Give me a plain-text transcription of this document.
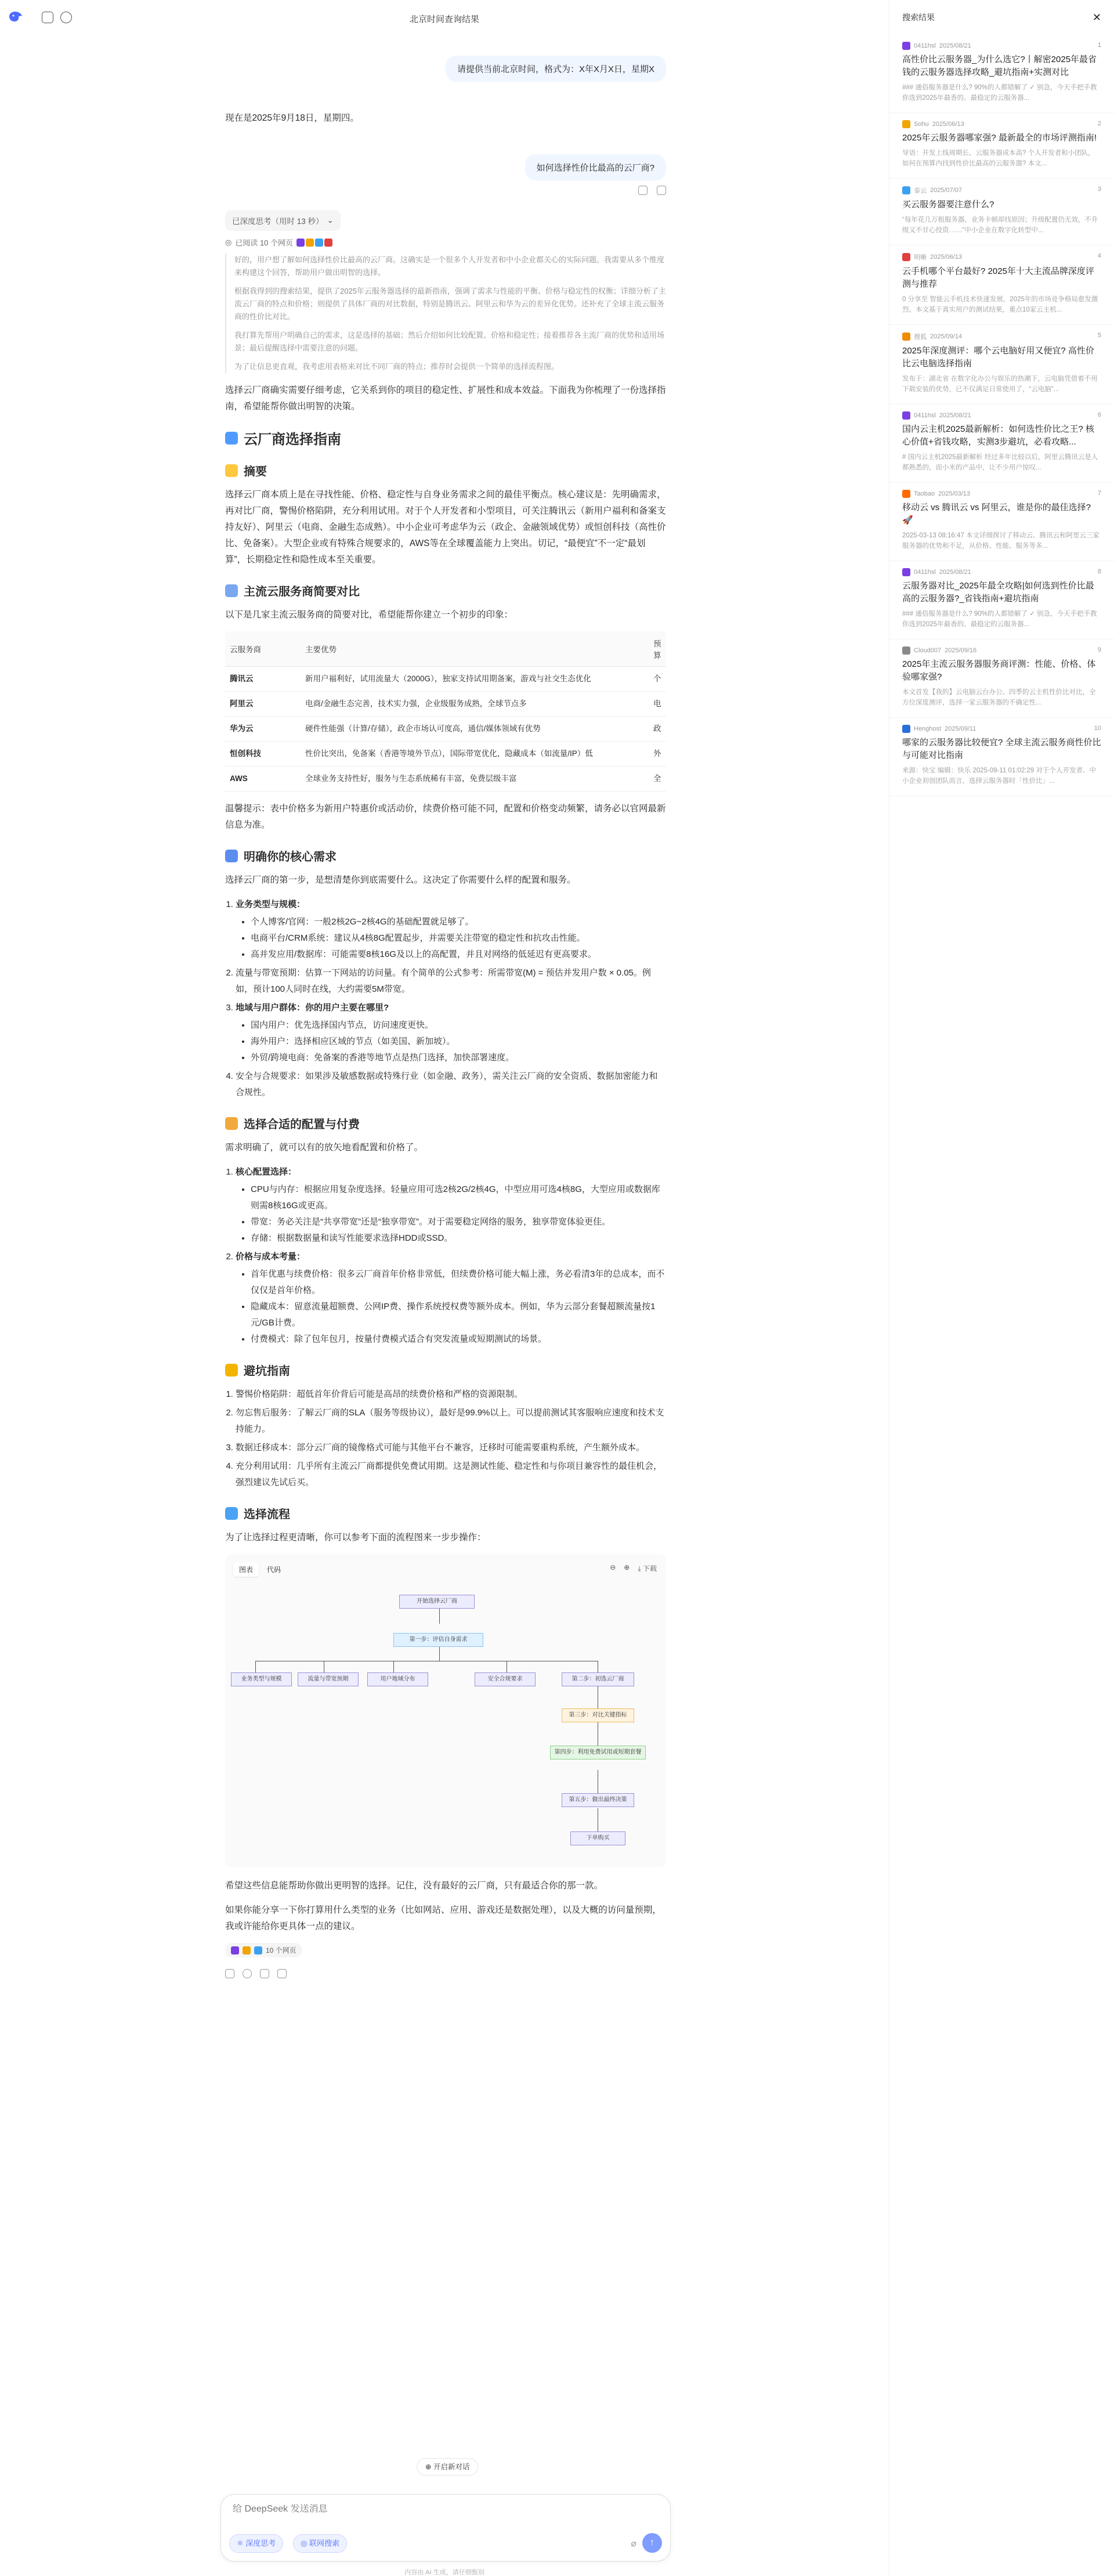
北京时间查询结果
请提供当前北京时间，格式为：X年X月X日，星期X
现在是2025年9月18日，星期四。
如何选择性价比最高的云厂商?
已深度思考（用时 13 秒） ⌄
◎ 已阅读 10 个网页

好的，用户想了解如何选择性价比最高的云厂商。这确实是一个很多个人开发者和中小企业都关心的实际问题。我需要从多个维度来构建这个回答，帮助用户做出明智的选择。

根据我得到的搜索结果，提供了2025年云服务器选择的最新指南，强调了需求与性能的平衡、价格与稳定性的权衡；详细分析了主流云厂商的特点和价格；则提供了具体厂商的对比数据，特别是腾讯云、阿里云和华为云的差异化优势。还补充了全球主流云服务商的性价比对比。

我打算先帮用户明确自己的需求，这是选择的基础；然后介绍如何比较配置、价格和稳定性；接着推荐各主流厂商的优势和适用场景；最后提醒选择中需要注意的问题。

为了让信息更直观，我考虑用表格来对比不同厂商的特点；推荐时会提供一个简单的选择流程图。

选择云厂商确实需要仔细考虑，它关系到你的项目的稳定性、扩展性和成本效益。下面我为你梳理了一份选择指南，希望能帮你做出明智的决策。
云厂商选择指南
摘要
选择云厂商本质上是在寻找性能、价格、稳定性与自身业务需求之间的最佳平衡点。核心建议是：先明确需求，再对比厂商，警惕价格陷阱，充分利用试用。对于个人开发者和小型项目，可关注腾讯云（新用户福利和备案支持友好）、阿里云（电商、金融生态成熟）。中小企业可考虑华为云（政企、金融领域优势）或恒创科技（高性价比、免备案）。大型企业或有特殊合规要求的，AWS等在全球覆盖能力上突出。切记，“最便宜”不一定“最划算”，长期稳定性和隐性成本至关重要。
主流云服务商简要对比
以下是几家主流云服务商的简要对比，希望能帮你建立一个初步的印象：
云服务商	主要优势	预算
腾讯云	新用户福利好，试用流量大（2000G），独家支持试用期备案，游戏与社交生态优化	个
阿里云	电商/金融生态完善，技术实力强，企业级服务成熟，全球节点多	电
华为云	硬件性能强（计算/存储），政企市场认可度高，通信/媒体领域有优势	政
恒创科技	性价比突出，免备案（香港等境外节点），国际带宽优化，隐藏成本（如流量/IP）低	外
AWS	全球业务支持性好，服务与生态系统稀有丰富，免费层级丰富	全
温馨提示：表中价格多为新用户特惠价或活动价，续费价格可能不同，配置和价格变动频繁，请务必以官网最新信息为准。
明确你的核心需求
选择云厂商的第一步，是想清楚你到底需要什么。这决定了你需要什么样的配置和服务。
1. 业务类型与规模：
• 个人博客/官网：一般2核2G~2核4G的基础配置就足够了。
• 电商平台/CRM系统：建议从4核8G配置起步，并需要关注带宽的稳定性和抗攻击性能。
• 高并发应用/数据库：可能需要8核16G及以上的高配置，并且对网络的低延迟有更高要求。
2. 流量与带宽预期：估算一下网站的访问量。有个简单的公式参考：所需带宽(M) = 预估并发用户数 × 0.05。例如，预计100人同时在线，大约需要5M带宽。
3. 地域与用户群体：你的用户主要在哪里?
• 国内用户：优先选择国内节点，访问速度更快。
• 海外用户：选择相应区域的节点（如美国、新加坡）。
• 外贸/跨境电商：免备案的香港等地节点是热门选择，加快部署速度。
4. 安全与合规要求：如果涉及敏感数据或特殊行业（如金融、政务），需关注云厂商的安全资质、数据加密能力和合规性。
选择合适的配置与付费
需求明确了，就可以有的放矢地看配置和价格了。
1. 核心配置选择：
• CPU与内存：根据应用复杂度选择。轻量应用可选2核2G/2核4G，中型应用可选4核8G，大型应用或数据库则需8核16G或更高。
• 带宽：务必关注是“共享带宽”还是“独享带宽”。对于需要稳定网络的服务，独享带宽体验更佳。
• 存储：根据数据量和读写性能要求选择HDD或SSD。
2. 价格与成本考量：
• 首年优惠与续费价格：很多云厂商首年价格非常低，但续费价格可能大幅上涨，务必看清3年的总成本，而不仅仅是首年价格。
• 隐藏成本：留意流量超额费、公网IP费、操作系统授权费等额外成本。例如，华为云部分套餐超额流量按1元/GB计费。
• 付费模式：除了包年包月，按量付费模式适合有突发流量或短期测试的场景。
避坑指南
1. 警惕价格陷阱：超低首年价背后可能是高昂的续费价格和严格的资源限制。
2. 勿忘售后服务：了解云厂商的SLA（服务等级协议），最好是99.9%以上。可以提前测试其客服响应速度和技术支持能力。
3. 数据迁移成本：部分云厂商的镜像格式可能与其他平台不兼容，迁移时可能需要重构系统，产生额外成本。
4. 充分利用试用：几乎所有主流云厂商都提供免费试用期。这是测试性能、稳定性和与你项目兼容性的最佳机会，强烈建议先试后买。
选择流程
为了让选择过程更清晰，你可以参考下面的流程图来一步步操作：
图表	代码	⊖ ⊕ ⤓ 下载
开始选择云厂商
第一步：评估自身需求
业务类型与规模	流量与带宽预期	用户地域分布	安全合规要求	第二步：初选云厂商
第三步：对比关键指标
第四步：利用免费试用或短期套餐
第五步：做出最终决策
下单购买
希望这些信息能帮助你做出更明智的选择。记住，没有最好的云厂商，只有最适合你的那一款。
如果你能分享一下你打算用什么类型的业务（比如网站、应用、游戏还是数据处理），以及大概的访问量预期，我或许能给你更具体一点的建议。
10 个网页
⊕ 开启新对话
给 DeepSeek 发送消息
⚛ 深度思考	◎ 联网搜索	⌀	↑
内容由 AI 生成，请仔细甄别
搜索结果	✕
0411hsl 2025/08/21	1
高性价比云服务器_为什么选它?丨解密2025年最省钱的云服务器选择攻略_避坑指南+实测对比
### 通俗服务器是什么? 90%的人都错解了 ✓ 别急，今天手把手教你选到2025年最香的、最稳定的云服务器...
Sohu 2025/06/13	2
2025年云服务器哪家强? 最新最全的市场评测指南!
导语：开发上线周期长、云服务器成本高? 个人开发者和小团队，如何在预算内找到性价比最高的云服务器? 本文...
泰云 2025/07/07	3
买云服务器要注意什么?
“每年花几万租服务器，业务卡顿却找原因；升级配置仍无效，不升级又不甘心投资……”中小企业在数字化转型中...
明晰 2025/06/13	4
云手机哪个平台最好? 2025年十大主流品牌深度评测与推荐
0 分享至 智能云手机技术快速发展，2025年的市场竞争格局愈发激烈。本文基于真实用户的测试结果，重点10家云主机...
搜狐 2025/09/14	5
2025年深度测评：哪个云电脑好用又便宜? 高性价比云电脑选择指南
发布于：湖北省 在数字化办公与娱乐的热潮下，云电脑凭借着不用下载安装的优势，已不仅满足日常使用了，“云电脑”...
0411hsl 2025/08/21	6
国内云主机2025最新解析：如何选性价比之王? 核心价值+省钱攻略，实测3步避坑，必看攻略...
# 国内云主机2025最新解析 经过多年比较以后，阿里云腾讯云是人都熟悉的，而小米的产品中，让不少用户惊叹...
Taobao 2025/03/13	7
移动云 vs 腾讯云 vs 阿里云，谁是你的最佳选择? 🚀
2025-03-13 08:16:47 本文详细探讨了移动云、腾讯云和阿里云三家服务器的优势和不足，从价格、性能、服务等多...
0411hsl 2025/08/21	8
云服务器对比_2025年最全攻略|如何选到性价比最高的云服务器?_省钱指南+避坑指南
### 通俗服务器是什么? 90%的人都错解了 ✓ 别急，今天手把手教你选到2025年最香的、最稳定的云服务器...
Cloud007 2025/09/16	9
2025年主流云服务器服务商评测：性能、价格、体验哪家强?
本文首发【我的】云电脑云台办公、四季的云主机性价比对比，全方位深度测评，选择一家云服务器的不确定性...
Henghost 2025/09/11	10
哪家的云服务器比较便宜? 全球主流云服务商性价比与可能对比指南
来源：快宝 编辑：快乐 2025-09-11 01:02:29 对于个人开发者、中小企业初创团队而言，选择云服务器时「性价比」...
